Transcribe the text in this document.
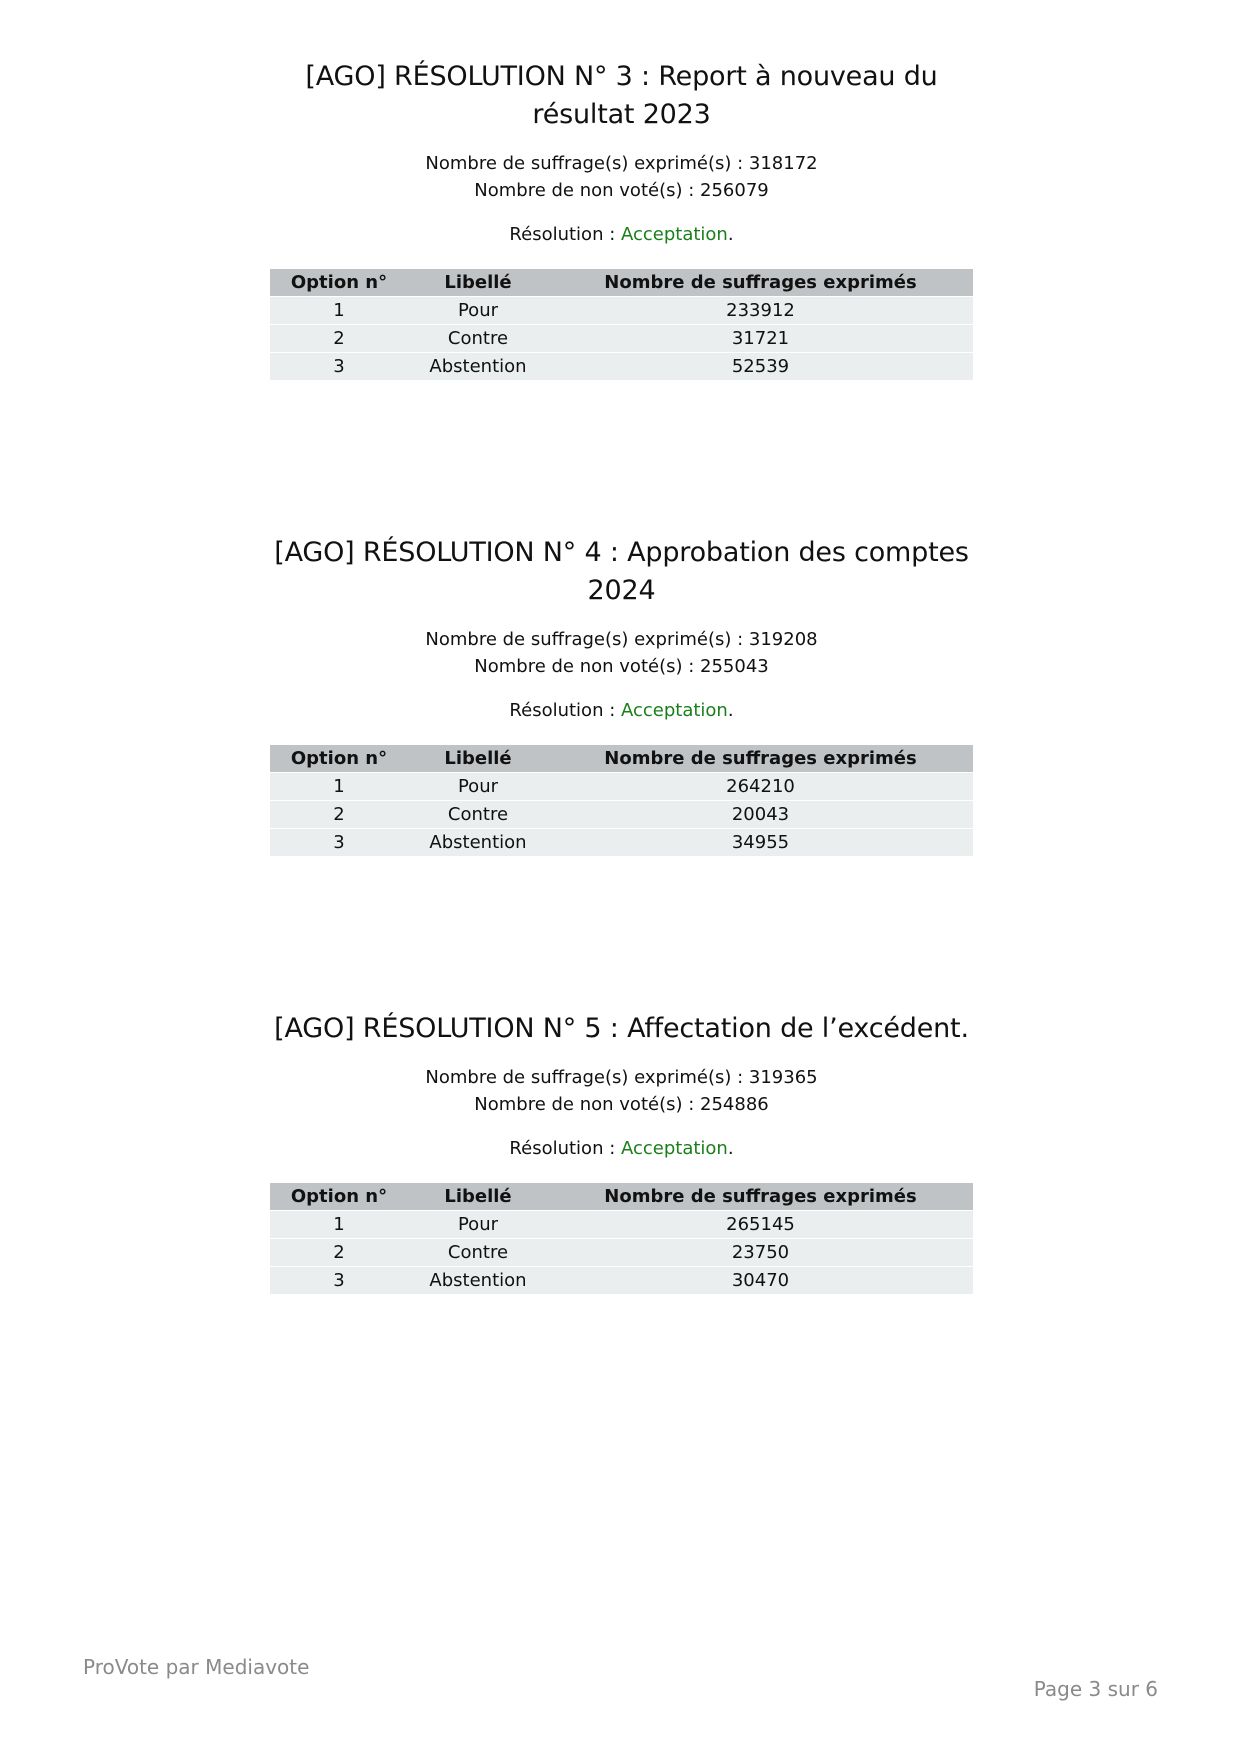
[AGO] RÉSOLUTION N° 3 : Report à nouveau du
résultat 2023
Nombre de suffrage(s) exprimé(s) : 318172
Nombre de non voté(s) : 256079
Résolution : Acceptation.
Option n°	Libellé	Nombre de suffrages exprimés
1	Pour	233912
2	Contre	31721
3	Abstention	52539
[AGO] RÉSOLUTION N° 4 : Approbation des comptes
2024
Nombre de suffrage(s) exprimé(s) : 319208
Nombre de non voté(s) : 255043
Résolution : Acceptation.
Option n°	Libellé	Nombre de suffrages exprimés
1	Pour	264210
2	Contre	20043
3	Abstention	34955
[AGO] RÉSOLUTION N° 5 : Affectation de l’excédent.
Nombre de suffrage(s) exprimé(s) : 319365
Nombre de non voté(s) : 254886
Résolution : Acceptation.
Option n°	Libellé	Nombre de suffrages exprimés
1	Pour	265145
2	Contre	23750
3	Abstention	30470
ProVote par Mediavote
Page 3 sur 6
